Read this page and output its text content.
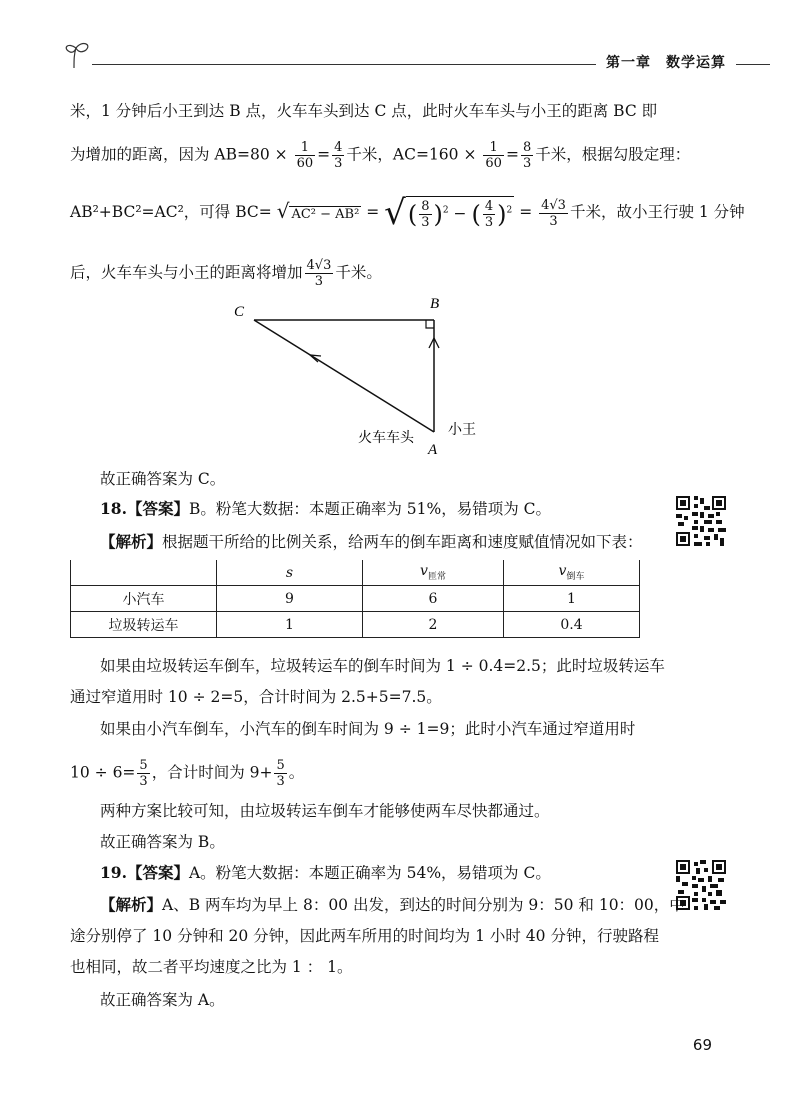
第一章　数学运算
米，1 分钟后小王到达 B 点，火车车头到达 C 点，此时火车车头与小王的距离 BC 即
为增加的距离，因为 $AB=80 \times \frac{1}{60} = \frac{4}{3}$ 千米，$AC=160 \times \frac{1}{60} = \frac{8}{3}$ 千米，根据勾股定理：
AB²+BC²=AC²，可得 BC= √ AC² − AB² = √( $\frac{8}{3} )^2$ − ( $\frac{4}{3} )^2 = \frac{4√3}{3}$ 千米，故小王行驶 1 分钟
后，火车车头与小王的距离将增加 $\frac{4√3}{3}$ 千米。
C	B
A
火车车头 小王
故正确答案为 C。
18.【答案】B。粉笔大数据：本题正确率为 51%，易错项为 C。
【解析】根据题干所给的比例关系，给两车的倒车距离和速度赋值情况如下表：
	s	$v_{匝常}$	$v_{倒车}$
小汽车	9	6	1
垃圾转运车	1	2	0.4
如果由垃圾转运车倒车，垃圾转运车的倒车时间为 1 ÷ 0.4=2.5；此时垃圾转运车
通过窄道用时 10 ÷ 2=5，合计时间为 2.5+5=7.5。
如果由小汽车倒车，小汽车的倒车时间为 9 ÷ 1=9；此时小汽车通过窄道用时
$10 \div 6= \frac{5}{3}$ ，合计时间为 $9+ \frac{5}{3}$ 。
两种方案比较可知，由垃圾转运车倒车才能够使两车尽快都通过。
故正确答案为 B。
19.【答案】A。粉笔大数据：本题正确率为 54%，易错项为 C。
【解析】A、B 两车均为早上 8：00 出发，到达的时间分别为 9：50 和 10：00，中
途分别停了 10 分钟和 20 分钟，因此两车所用的时间均为 1 小时 40 分钟，行驶路程
也相同，故二者平均速度之比为 1 ： 1。
故正确答案为 A。
69
